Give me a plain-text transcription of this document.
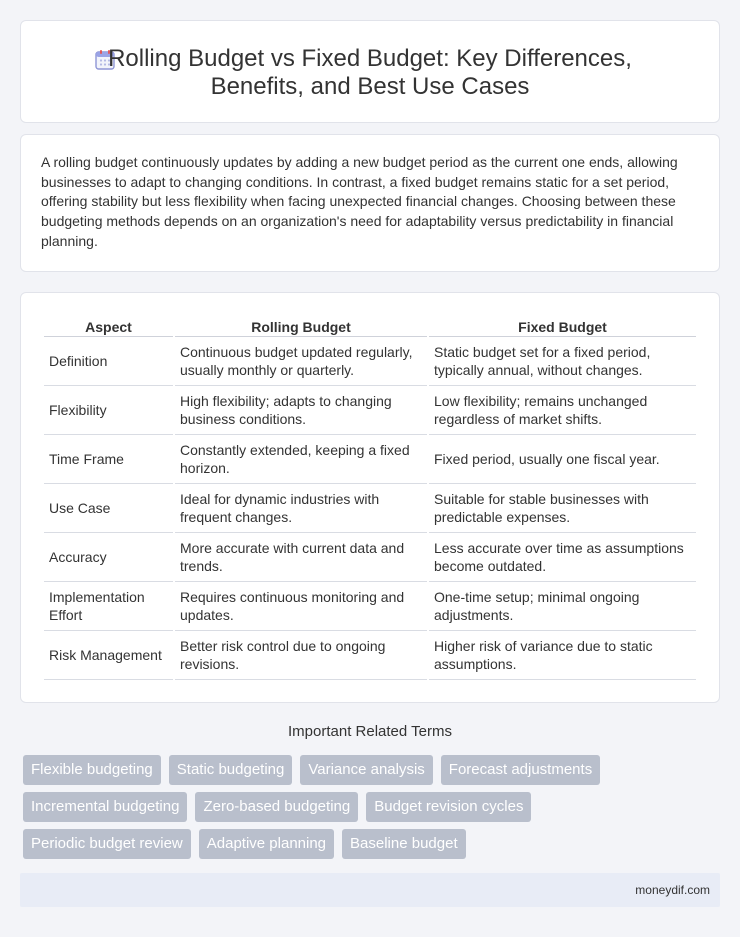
Rolling Budget vs Fixed Budget: Key Differences,
Benefits, and Best Use Cases

A rolling budget continuously updates by adding a new budget period as the current one ends, allowing businesses to adapt to changing conditions. In contrast, a fixed budget remains static for a set period, offering stability but less flexibility when facing unexpected financial changes. Choosing between these budgeting methods depends on an organization's need for adaptability versus predictability in financial planning.

Aspect	Rolling Budget	Fixed Budget
Definition	Continuous budget updated regularly, usually monthly or quarterly.	Static budget set for a fixed period, typically annual, without changes.
Flexibility	High flexibility; adapts to changing business conditions.	Low flexibility; remains unchanged regardless of market shifts.
Time Frame	Constantly extended, keeping a fixed horizon.	Fixed period, usually one fiscal year.
Use Case	Ideal for dynamic industries with frequent changes.	Suitable for stable businesses with predictable expenses.
Accuracy	More accurate with current data and trends.	Less accurate over time as assumptions become outdated.
Implementation Effort	Requires continuous monitoring and updates.	One-time setup; minimal ongoing adjustments.
Risk Management	Better risk control due to ongoing revisions.	Higher risk of variance due to static assumptions.
Important Related Terms
Flexible budgeting	Static budgeting	Variance analysis	Forecast adjustments
Incremental budgeting	Zero-based budgeting	Budget revision cycles
Periodic budget review	Adaptive planning	Baseline budget
moneydif.com
